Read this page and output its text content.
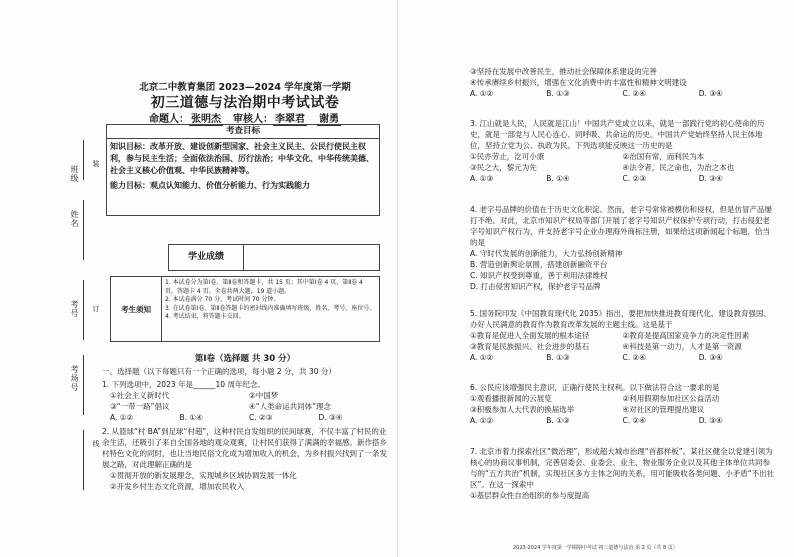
班级
姓名
考号
考场号
装
订
线
北京二中教育集团 2023—2024 学年度第一学期
初三道德与法治期中考试试卷
命题人： 张明杰 审核人： 李翠君 谢勇
考查目标
知识目标：改革开放、建设创新型国家、社会主义民主、公民行使民主权利，参与民主生活；全面依法治国、厉行法治；中华文化、中华传统美德、社会主义核心价值观、中华民族精神等。
能力目标：观点认知能力、价值分析能力、行为实践能力
学业成绩
考生须知
1. 本试卷分为第Ⅰ卷、第Ⅱ卷和答题卡，共 15 页；其中第Ⅰ卷 4 页，第Ⅱ卷 4 页，答题卡 4 页。全卷共两大题，19 道小题。
2. 本试卷满分 70 分，考试时间 70 分钟。
3. 在试卷第Ⅰ卷、第Ⅱ卷答题卡的密封线内准确填写班级、姓名、考号、座位号。
4. 考试结束，将答题卡交回。
第Ⅰ卷（选择题 共 30 分）
一、选择题（以下每题只有一个正确的选项，每小题 2 分，共 30 分）
1. 下列选项中，2023 年是______10 周年纪念。
①社会主义新时代	②中国梦
③“一带一路”倡议	④“人类命运共同体”理念
A. ①②	B. ①④	C. ②③	D. ③④
2. 从篮球“村 BA”到足球“村超”，这种村民自发组织的民间球赛，不仅丰富了村民的业余生活，还吸引了来自全国各地的观众观赛，让村民们获得了满满的幸福感。新作搭乡村特色文化的同时，也让当地民俗文化成为增加收入的机会，为乡村振兴找到了一条发展之路，对此理解正确的是
①贯彻开放的新发展理念，实现城乡区域协调发展一体化
②开发乡村生态文化资源，增加农民收入
③坚持在发展中改善民生，推动社会保障体系建设的完善
④传承赓续乡村振兴，增强在文化消费中的丰富性和精神文明建设
A. ①②	B. ①③	C. ②④	D. ③④
3. 江山就是人民，人民就是江山！中国共产党成立以来，就是一部践行党的初心使命的历史，就是一部党与人民心连心、同呼吸、共命运的历史。中国共产党始终坚持人民主体地位，坚持立党为公、执政为民。下列选项能反映这一历史的是
①民亦劳止，汔可小康	②治国有常，而利民为本
③民之大，黎元为先	④法令者，民之命也，为治之本也
A. ①③	B. ①④	C. ②③	D. ③④
4. 老字号品牌的价值在于历史文化积淀。然而，老字号常常被模仿和侵权，但是仿冒产品屡打不绝。对此，北京市知识产权局等部门开展了老字号知识产权保护专项行动，打击侵犯老字号知识产权行为，并支持老字号企业办理海外商标注册，如果给这项新闻起个标题，恰当的是
A. 守时代发展的创新能力，大力弘扬创新精神
B. 营造创新舆论氛围，搭建创新融资平台
C. 知识产权受到尊重，善于利用法律维权
D. 打击侵害知识产权，保护老字号品牌
5. 国务院印发《中国教育现代化 2035》指出，要把加快推进教育现代化、建设教育强国、办好人民满意的教育作为教育改革发展的主题主线。这是基于
①教育是促进人全面发展的根本途径	②教育是提高国家竞争力的决定性因素
③教育是民族振兴、社会进步的基石	④科技是第一动力，人才是第一资源
A. ①②	B. ①③	C. ②④	D. ③④
6. 公民应该增强民主意识，正确行使民主权利。以下做法符合这一要求的是
①观看播报新闻的云展览	②利用假期参加社区公益活动
③积极参加人大代表的换届选举	④对社区的管理提出建议
A. ①②	B. ①③	C. ②④	D. ③④
7. 北京市着力探索社区“微治理”，形成超大城市治理“首都样板”。某社区健全以党建引领为核心的协商议事机制，完善居委会、业委会、业主、物业服务企业以及其他主体单位共同参与的“五方共治”机制，实现社区多方主体之间的关系，用可能吸收各类问题、小矛盾“不出社区”。在这一探索中
①基层群众性自治组织的参与度提高
2023-2024 学年度第一学期期中考试 初三道德与法治 第 2 页（共 8 页）
